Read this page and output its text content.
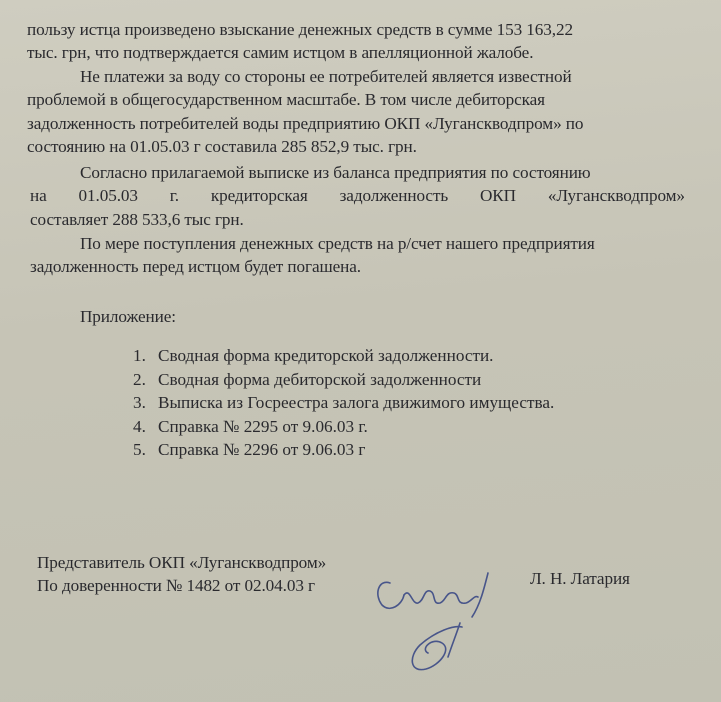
пользу истца произведено взыскание денежных средств в сумме 153 163,22
тыс. грн, что подтверждается самим истцом в апелляционной жалобе.
Не платежи за воду со стороны ее потребителей является известной
проблемой в общегосударственном масштабе. В том числе дебиторская
задолженность потребителей воды предприятию ОКП «Луганскводпром» по
состоянию на 01.05.03 г составила 285 852,9 тыс. грн.
Согласно прилагаемой выписке из баланса предприятия по состоянию
на 01.05.03 г. кредиторская задолженность ОКП «Луганскводпром»
составляет 288 533,6 тыс грн.
По мере поступления денежных средств на р/счет нашего предприятия
задолженность перед истцом будет погашена.
Приложение:
1. Сводная форма кредиторской задолженности.
2. Сводная форма дебиторской задолженности
3. Выписка из Госреестра залога движимого имущества.
4. Справка № 2295 от 9.06.03 г.
5. Справка № 2296 от 9.06.03 г
Представитель ОКП «Луганскводпром»
По доверенности № 1482 от 02.04.03 г	Л. Н. Латария
